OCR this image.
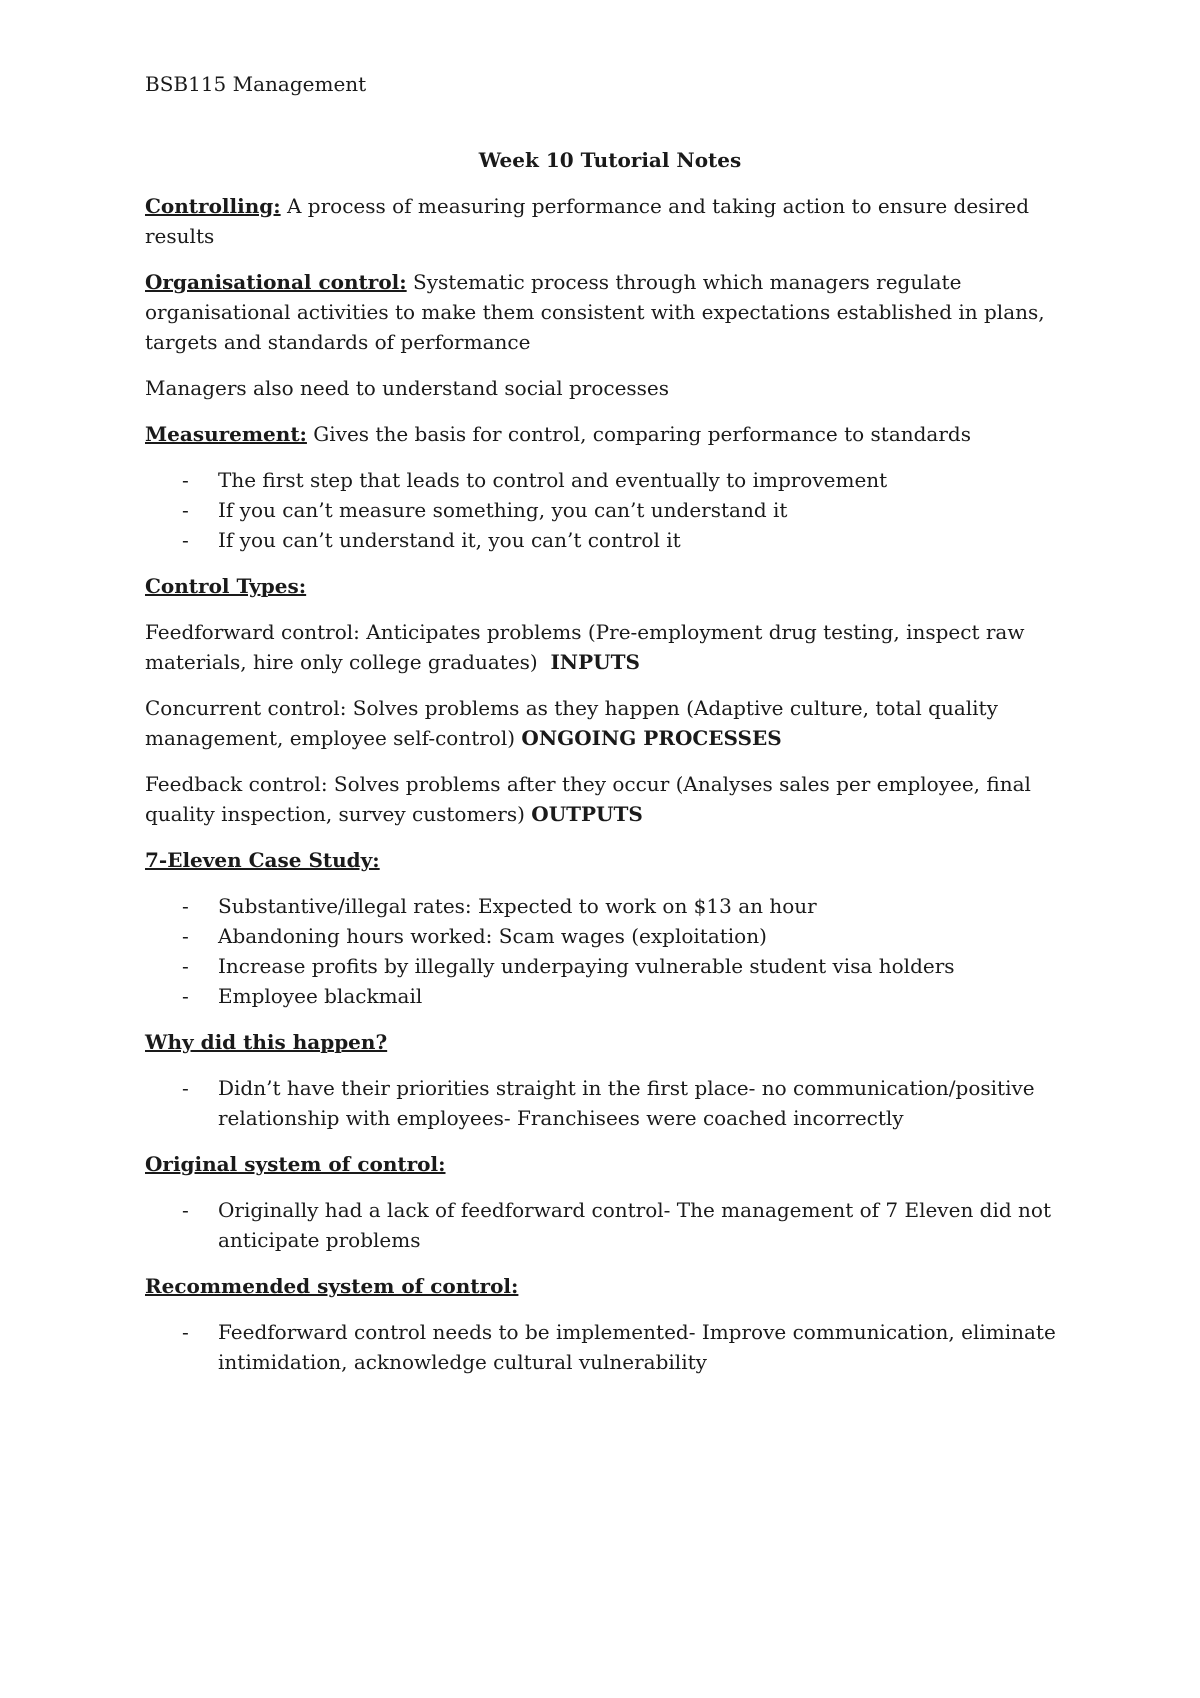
BSB115 Management
Week 10 Tutorial Notes

Controlling: A process of measuring performance and taking action to ensure desired results

Organisational control: Systematic process through which managers regulate organisational activities to make them consistent with expectations established in plans, targets and standards of performance

Managers also need to understand social processes

Measurement: Gives the basis for control, comparing performance to standards

- The first step that leads to control and eventually to improvement
- If you can’t measure something, you can’t understand it
- If you can’t understand it, you can’t control it
Control Types:

Feedforward control: Anticipates problems (Pre-employment drug testing, inspect raw materials, hire only college graduates) INPUTS

Concurrent control: Solves problems as they happen (Adaptive culture, total quality management, employee self-control) ONGOING PROCESSES

Feedback control: Solves problems after they occur (Analyses sales per employee, final quality inspection, survey customers) OUTPUTS

7-Eleven Case Study:
- Substantive/illegal rates: Expected to work on $13 an hour
- Abandoning hours worked: Scam wages (exploitation)
- Increase profits by illegally underpaying vulnerable student visa holders
- Employee blackmail
Why did this happen?
- Didn’t have their priorities straight in the first place- no communication/positive relationship with employees- Franchisees were coached incorrectly
Original system of control:
- Originally had a lack of feedforward control- The management of 7 Eleven did not anticipate problems
Recommended system of control:
- Feedforward control needs to be implemented- Improve communication, eliminate intimidation, acknowledge cultural vulnerability
